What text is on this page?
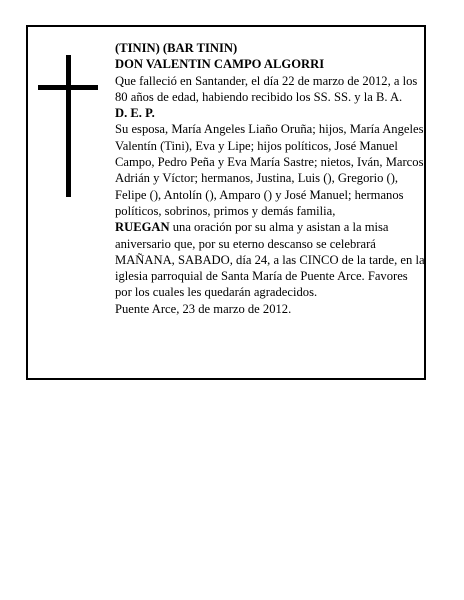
(TININ) (BAR TININ)

DON VALENTIN CAMPO ALGORRI

Que falleció en Santander, el día 22 de marzo de 2012, a los 80 años de edad, habiendo recibido los SS. SS. y la B. A.

D. E. P.

Su esposa, María Angeles Liaño Oruña; hijos, María Angeles, Valentín (Tini), Eva y Lipe; hijos políticos, José Manuel Campo, Pedro Peña y Eva María Sastre; nietos, Iván, Marcos, Adrián y Víctor; hermanos, Justina, Luis (), Gregorio (), Felipe (), Antolín (), Amparo () y José Manuel; hermanos políticos, sobrinos, primos y demás familia,

RUEGAN una oración por su alma y asistan a la misa aniversario que, por su eterno descanso se celebrará MAÑANA, SABADO, día 24, a las CINCO de la tarde, en la iglesia parroquial de Santa María de Puente Arce. Favores por los cuales les quedarán agradecidos.

Puente Arce, 23 de marzo de 2012.
